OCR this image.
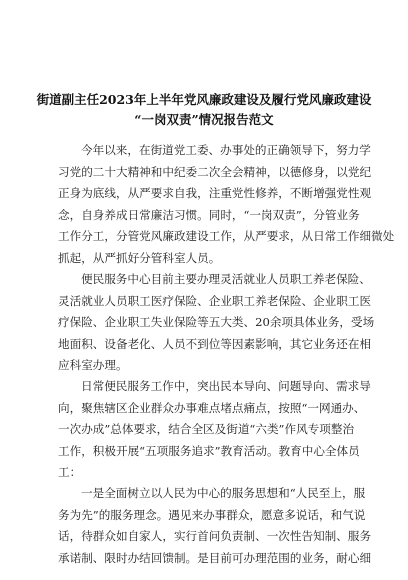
街道副主任2023年上半年党风廉政建设及履行党风廉政建设
“一岗双责”情况报告范文
今年以来，在街道党工委、办事处的正确领导下，努力学
习党的二十大精神和中纪委二次全会精神，以德修身，以党纪
正身为底线，从严要求自我，注重党性修养，不断增强党性观
念，自身养成日常廉洁习惯。同时，“一岗双责”，分管业务
工作分工，分管党风廉政建设工作，从严要求，从日常工作细微处
抓起，从严抓好分管科室人员。
便民服务中心目前主要办理灵活就业人员职工养老保险、
灵活就业人员职工医疗保险、企业职工养老保险、企业职工医
疗保险、企业职工失业保险等五大类、20余项具体业务，受场
地面积、设备老化、人员不到位等因素影响，其它业务还在相
应科室办理。
日常便民服务工作中，突出民本导向、问题导向、需求导
向，聚焦辖区企业群众办事难点堵点痛点，按照“一网通办、
一次办成”总体要求，结合全区及街道“六类”作风专项整治
工作，积极开展“五项服务追求”教育活动。教育中心全体员
工：
一是全面树立以人民为中心的服务思想和“人民至上，服
务为先”的服务理念。遇见来办事群众，愿意多说话，和气说
话，待群众如自家人，实行首问负责制、一次性告知制、服务
承诺制、限时办结回馈制。是目前可办理范围的业务，耐心细
